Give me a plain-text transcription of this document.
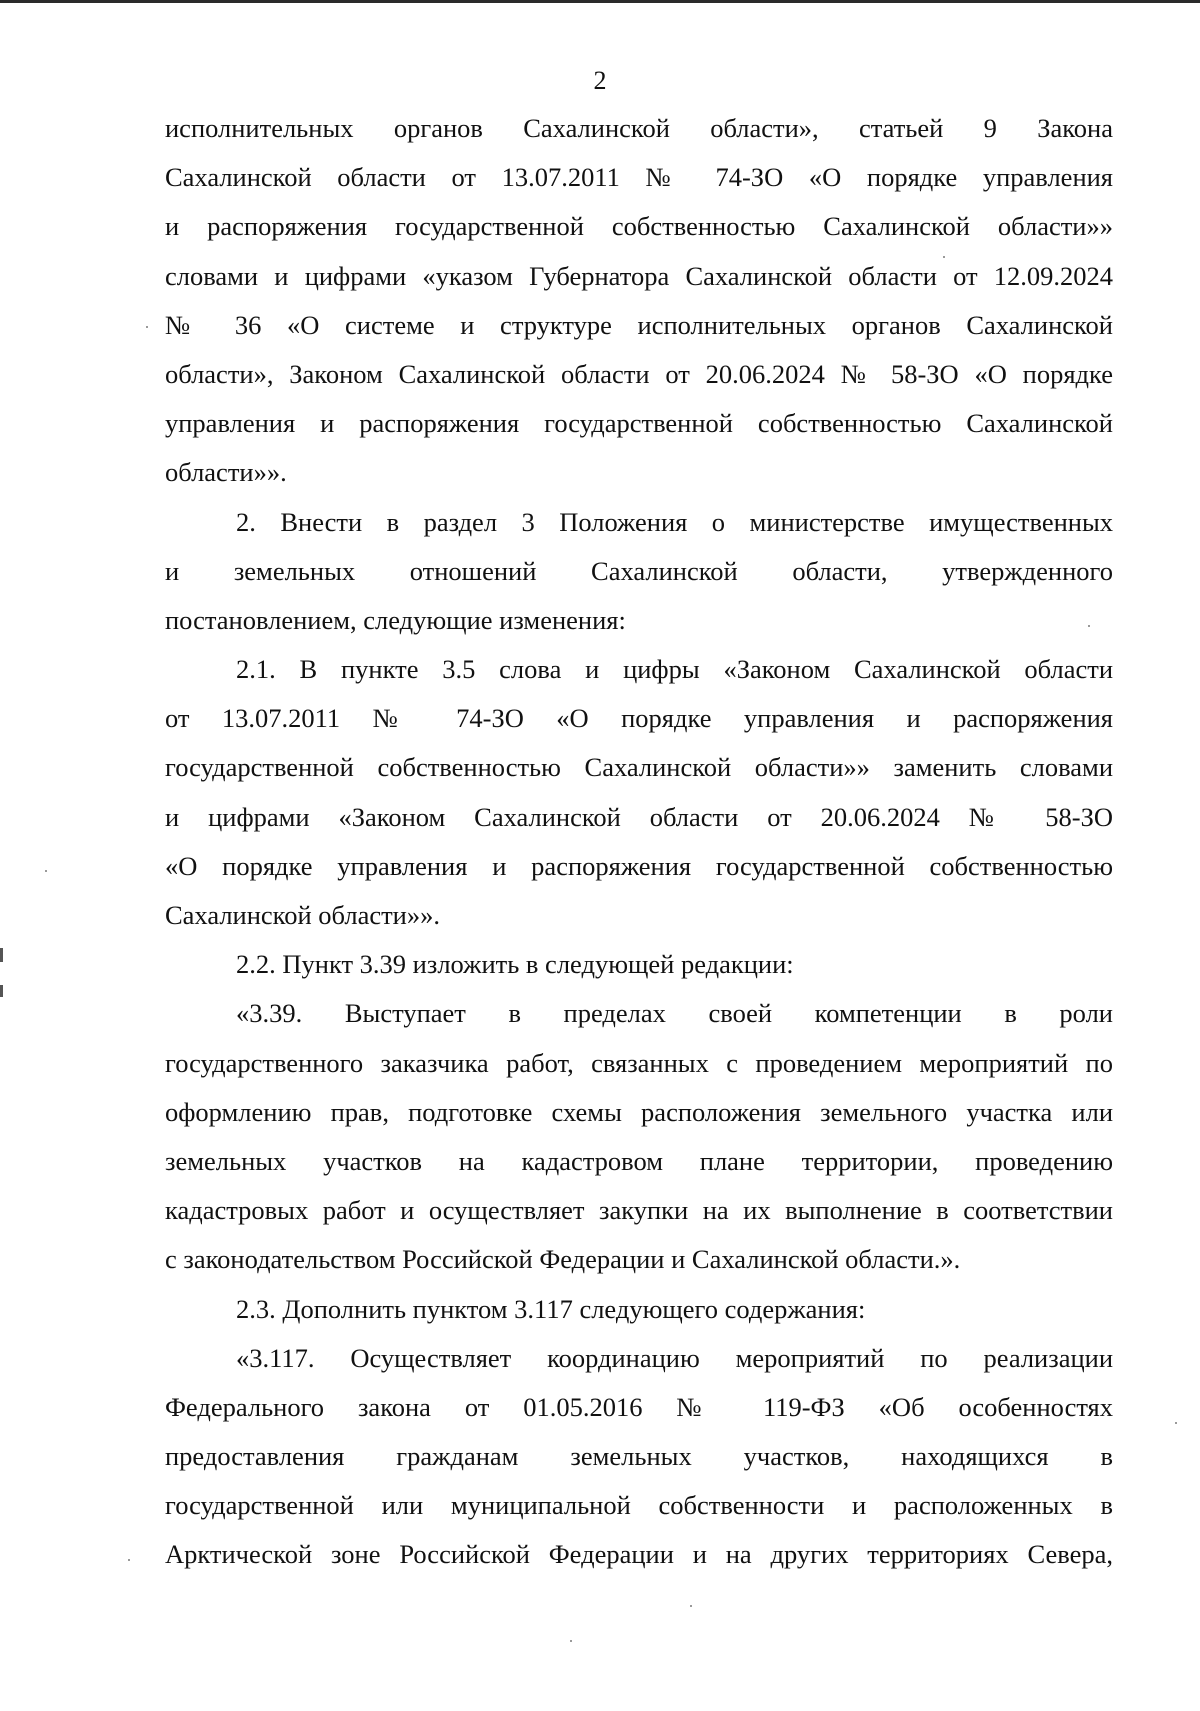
2
исполнительных органов Сахалинской области», статьей 9 Закона
Сахалинской области от 13.07.2011 № 74-ЗО «О порядке управления
и распоряжения государственной собственностью Сахалинской области»»
словами и цифрами «указом Губернатора Сахалинской области от 12.09.2024
№ 36 «О системе и структуре исполнительных органов Сахалинской
области», Законом Сахалинской области от 20.06.2024 № 58-ЗО «О порядке
управления и распоряжения государственной собственностью Сахалинской
области»».
2. Внести в раздел 3 Положения о министерстве имущественных
и земельных отношений Сахалинской области, утвержденного
постановлением, следующие изменения:
2.1. В пункте 3.5 слова и цифры «Законом Сахалинской области
от 13.07.2011 № 74-ЗО «О порядке управления и распоряжения
государственной собственностью Сахалинской области»» заменить словами
и цифрами «Законом Сахалинской области от 20.06.2024 № 58-ЗО
«О порядке управления и распоряжения государственной собственностью
Сахалинской области»».
2.2. Пункт 3.39 изложить в следующей редакции:
«3.39. Выступает в пределах своей компетенции в роли
государственного заказчика работ, связанных с проведением мероприятий по
оформлению прав, подготовке схемы расположения земельного участка или
земельных участков на кадастровом плане территории, проведению
кадастровых работ и осуществляет закупки на их выполнение в соответствии
с законодательством Российской Федерации и Сахалинской области.».
2.3. Дополнить пунктом 3.117 следующего содержания:
«3.117. Осуществляет координацию мероприятий по реализации
Федерального закона от 01.05.2016 № 119-ФЗ «Об особенностях
предоставления гражданам земельных участков, находящихся в
государственной или муниципальной собственности и расположенных в
Арктической зоне Российской Федерации и на других территориях Севера,
